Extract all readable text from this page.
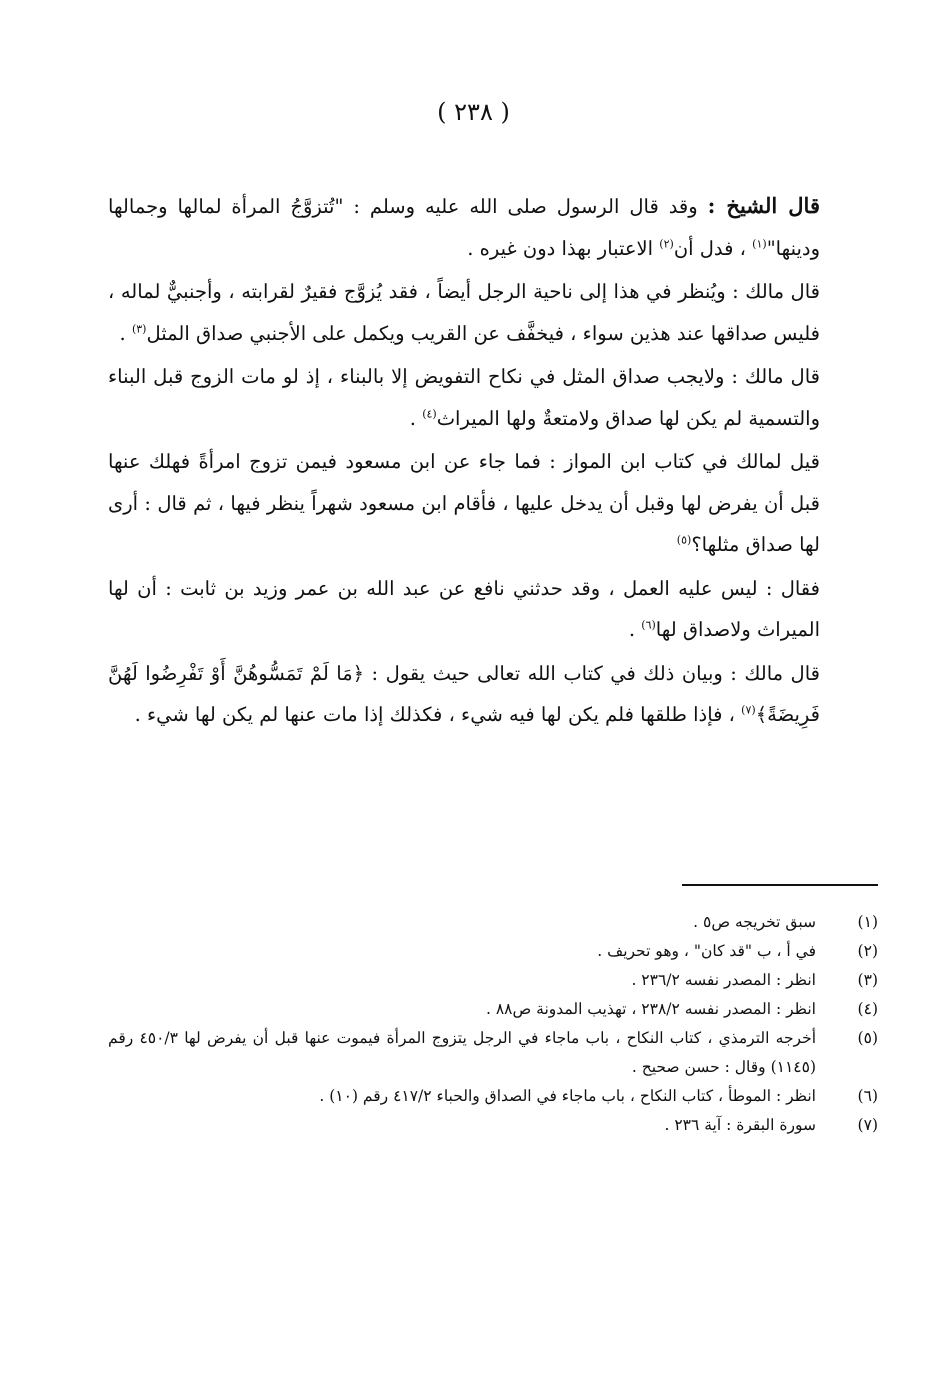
( ٢٣٨ )

قال الشيخ : وقد قال الرسول صلى الله عليه وسلم : "تُتزوَّجُ المرأة لمالها وجمالها ودينها"$^{(١)}$ ، فدل أن$^{(٢)}$ الاعتبار بهذا دون غيره .

قال مالك : ويُنظر في هذا إلى ناحية الرجل أيضاً ، فقد يُزوَّج فقيرٌ لقرابته ، وأجنبيٌّ لماله ، فليس صداقها عند هذين سواء ، فيخفَّف عن القريب ويكمل على الأجنبي صداق المثل$^{(٣)}$ .

قال مالك : ولايجب صداق المثل في نكاح التفويض إلا بالبناء ، إذ لو مات الزوج قبل البناء والتسمية لم يكن لها صداق ولامتعةٌ ولها الميراث$^{(٤)}$ .

قيل لمالك في كتاب ابن المواز : فما جاء عن ابن مسعود فيمن تزوج امرأةً فهلك عنها قبل أن يفرض لها وقبل أن يدخل عليها ، فأقام ابن مسعود شهراً ينظر فيها ، ثم قال : أرى لها صداق مثلها؟$^{(٥)}$

فقال : ليس عليه العمل ، وقد حدثني نافع عن عبد الله بن عمر وزيد بن ثابت : أن لها الميراث ولاصداق لها$^{(٦)}$ .

قال مالك : وبيان ذلك في كتاب الله تعالى حيث يقول : ﴿مَا لَمْ تَمَسُّوهُنَّ أَوْ تَفْرِضُوا لَهُنَّ فَرِيضَةً﴾$^{(٧)}$ ، فإذا طلقها فلم يكن لها فيه شيء ، فكذلك إذا مات عنها لم يكن لها شيء .

(١)
سبق تخريجه ص٥ .
(٢)
في أ ، ب "قد كان" ، وهو تحريف .
(٣)
انظر : المصدر نفسه ٢٣٦/٢ .
(٤)
انظر : المصدر نفسه ٢٣٨/٢ ، تهذيب المدونة ص٨٨ .
(٥)
أخرجه الترمذي ، كتاب النكاح ، باب ماجاء في الرجل يتزوج المرأة فيموت عنها قبل أن يفرض لها ٤٥٠/٣ رقم (١١٤٥) وقال : حسن صحيح .
(٦)
انظر : الموطأ ، كتاب النكاح ، باب ماجاء في الصداق والحباء ٤١٧/٢ رقم (١٠) .
(٧)
سورة البقرة : آية ٢٣٦ .
